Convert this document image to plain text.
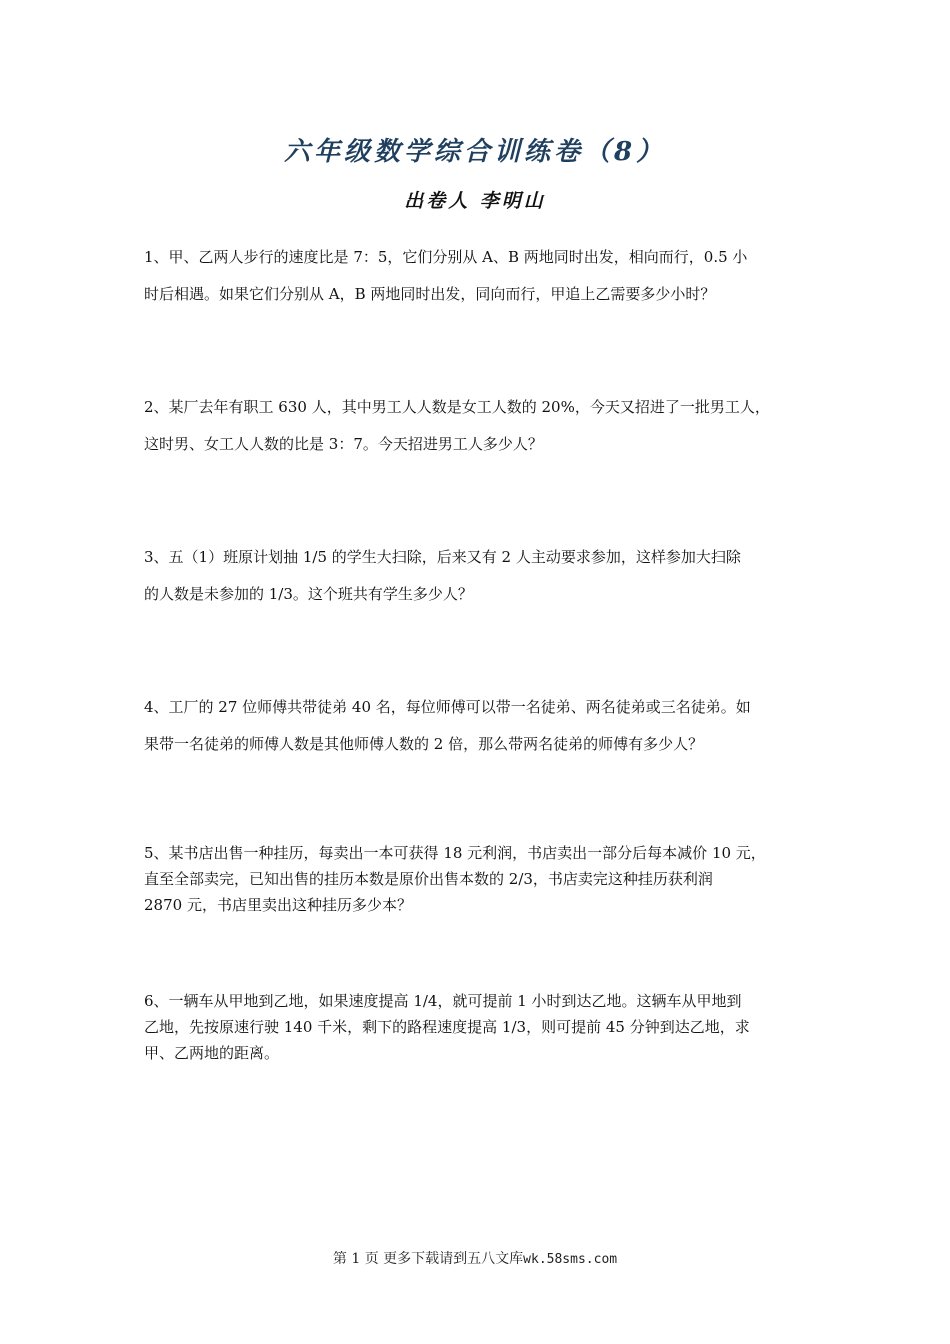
六年级数学综合训练卷（8）
出卷人 李明山
1、甲、乙两人步行的速度比是 7：5，它们分别从 A、B 两地同时出发，相向而行，0.5 小
时后相遇。如果它们分别从 A，B 两地同时出发，同向而行，甲追上乙需要多少小时？
2、某厂去年有职工 630 人，其中男工人人数是女工人数的 20%，今天又招进了一批男工人，
这时男、女工人人数的比是 3：7。今天招进男工人多少人？
3、五（1）班原计划抽 1/5 的学生大扫除，后来又有 2 人主动要求参加，这样参加大扫除
的人数是未参加的 1/3。这个班共有学生多少人？
4、工厂的 27 位师傅共带徒弟 40 名，每位师傅可以带一名徒弟、两名徒弟或三名徒弟。如
果带一名徒弟的师傅人数是其他师傅人数的 2 倍，那么带两名徒弟的师傅有多少人？
5、某书店出售一种挂历，每卖出一本可获得 18 元利润，书店卖出一部分后每本减价 10 元，
直至全部卖完，已知出售的挂历本数是原价出售本数的 2/3，书店卖完这种挂历获利润
2870 元，书店里卖出这种挂历多少本？
6、一辆车从甲地到乙地，如果速度提高 1/4，就可提前 1 小时到达乙地。这辆车从甲地到
乙地，先按原速行驶 140 千米，剩下的路程速度提高 1/3，则可提前 45 分钟到达乙地，求
甲、乙两地的距离。
第 1 页 更多下载请到五八文库wk.58sms.com
